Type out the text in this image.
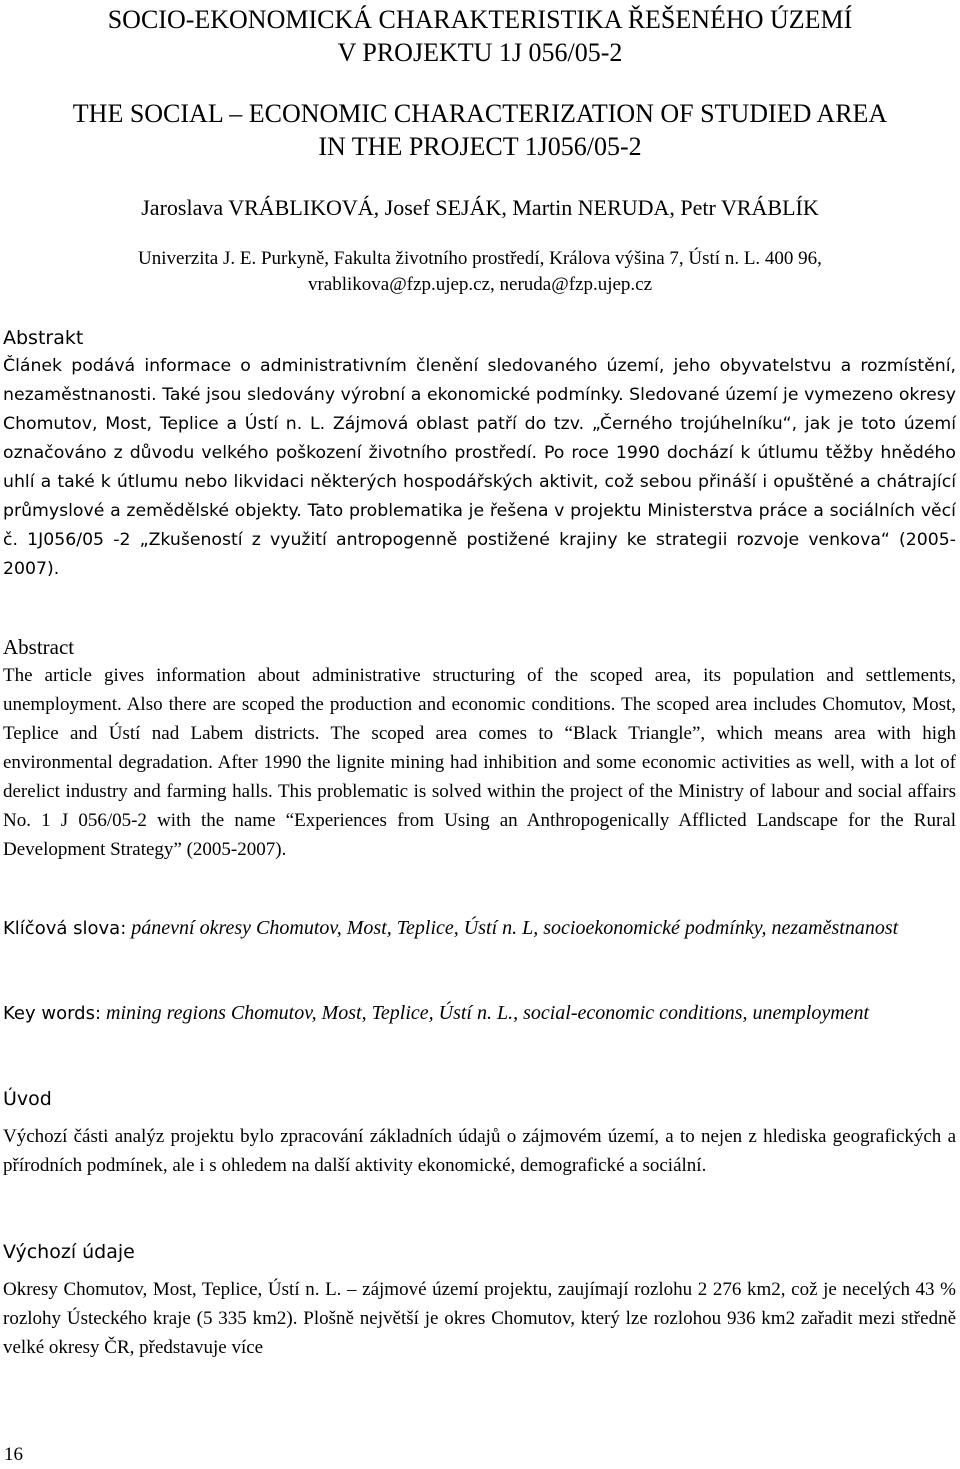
SOCIO-EKONOMICKÁ CHARAKTERISTIKA ŘEŠENÉHO ÚZEMÍ
V PROJEKTU 1J 056/05-2
THE SOCIAL – ECONOMIC CHARACTERIZATION OF STUDIED AREA
IN THE PROJECT 1J056/05-2
Jaroslava VRÁBLIKOVÁ, Josef SEJÁK, Martin NERUDA, Petr VRÁBLÍK
Univerzita J. E. Purkyně, Fakulta životního prostředí, Králova výšina 7, Ústí n. L. 400 96,
vrablikova@fzp.ujep.cz, neruda@fzp.ujep.cz
Abstrakt

Článek podává informace o administrativním členění sledovaného území, jeho obyvatelstvu a rozmístění, nezaměstnanosti. Také jsou sledovány výrobní a ekonomické podmínky. Sledované území je vymezeno okresy Chomutov, Most, Teplice a Ústí n. L. Zájmová oblast patří do tzv. „Černého trojúhelníku“, jak je toto území označováno z důvodu velkého poškození životního prostředí. Po roce 1990 dochází k útlumu těžby hnědého uhlí a také k útlumu nebo likvidaci některých hospodářských aktivit, což sebou přináší i opuštěné a chátrající průmyslové a zemědělské objekty. Tato problematika je řešena v projektu Ministerstva práce a sociálních věcí č. 1J056/05 -2 „Zkušeností z využití antropogenně postižené krajiny ke strategii rozvoje venkova“ (2005-2007).

Abstract

The article gives information about administrative structuring of the scoped area, its population and settlements, unemployment. Also there are scoped the production and economic conditions. The scoped area includes Chomutov, Most, Teplice and Ústí nad Labem districts. The scoped area comes to “Black Triangle”, which means area with high environmental degradation. After 1990 the lignite mining had inhibition and some economic activities as well, with a lot of derelict industry and farming halls. This problematic is solved within the project of the Ministry of labour and social affairs No. 1 J 056/05-2 with the name “Experiences from Using an Anthropogenically Afflicted Landscape for the Rural Development Strategy” (2005-2007).

Klíčová slova: pánevní okresy Chomutov, Most, Teplice, Ústí n. L, socioekonomické podmínky, nezaměstnanost

Key words: mining regions Chomutov, Most, Teplice, Ústí n. L., social-economic conditions, unemployment

Úvod

Výchozí části analýz projektu bylo zpracování základních údajů o zájmovém území, a to nejen z hlediska geografických a přírodních podmínek, ale i s ohledem na další aktivity ekonomické, demografické a sociální.

Výchozí údaje

Okresy Chomutov, Most, Teplice, Ústí n. L. – zájmové území projektu, zaujímají rozlohu 2 276 km2, což je necelých 43 % rozlohy Ústeckého kraje (5 335 km2). Plošně největší je okres Chomutov, který lze rozlohou 936 km2 zařadit mezi středně velké okresy ČR, představuje více

16
